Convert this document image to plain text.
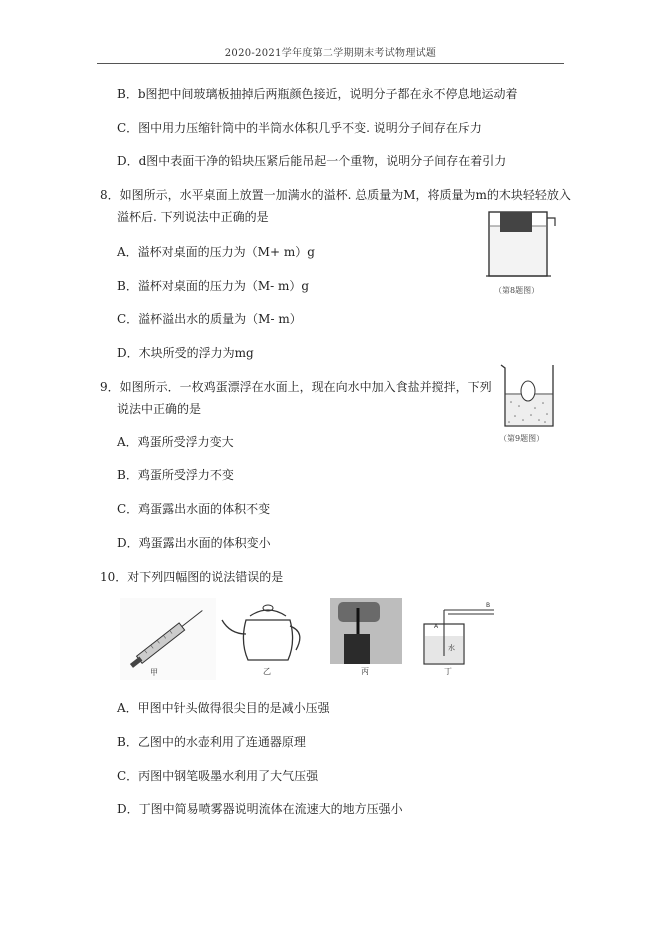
2020-2021学年度第二学期期末考试物理试题
B．b图把中间玻璃板抽掉后两瓶颜色接近，说明分子都在永不停息地运动着
C．图中用力压缩针筒中的半筒水体积几乎不变. 说明分子间存在斥力
D．d图中表面干净的铅块压紧后能吊起一个重物，说明分子间存在着引力
8．如图所示，水平桌面上放置一加满水的溢杯. 总质量为M，将质量为m的木块轻轻放入
溢杯后. 下列说法中正确的是
A．溢杯对桌面的压力为（M+ m）g
B．溢杯对桌面的压力为（M- m）g
C．溢杯溢出水的质量为（M- m）
D．木块所受的浮力为mg
（第8题图）
9．如图所示．一枚鸡蛋漂浮在水面上，现在向水中加入食盐并搅拌，下列
说法中正确的是
A．鸡蛋所受浮力变大
B．鸡蛋所受浮力不变
C．鸡蛋露出水面的体积不变
D．鸡蛋露出水面的体积变小
（第9题图）
10．对下列四幅图的说法错误的是
甲	乙	丙
A
B
水
丁
A．甲图中针头做得很尖目的是减小压强
B．乙图中的水壶利用了连通器原理
C．丙图中钢笔吸墨水利用了大气压强
D．丁图中简易喷雾器说明流体在流速大的地方压强小
